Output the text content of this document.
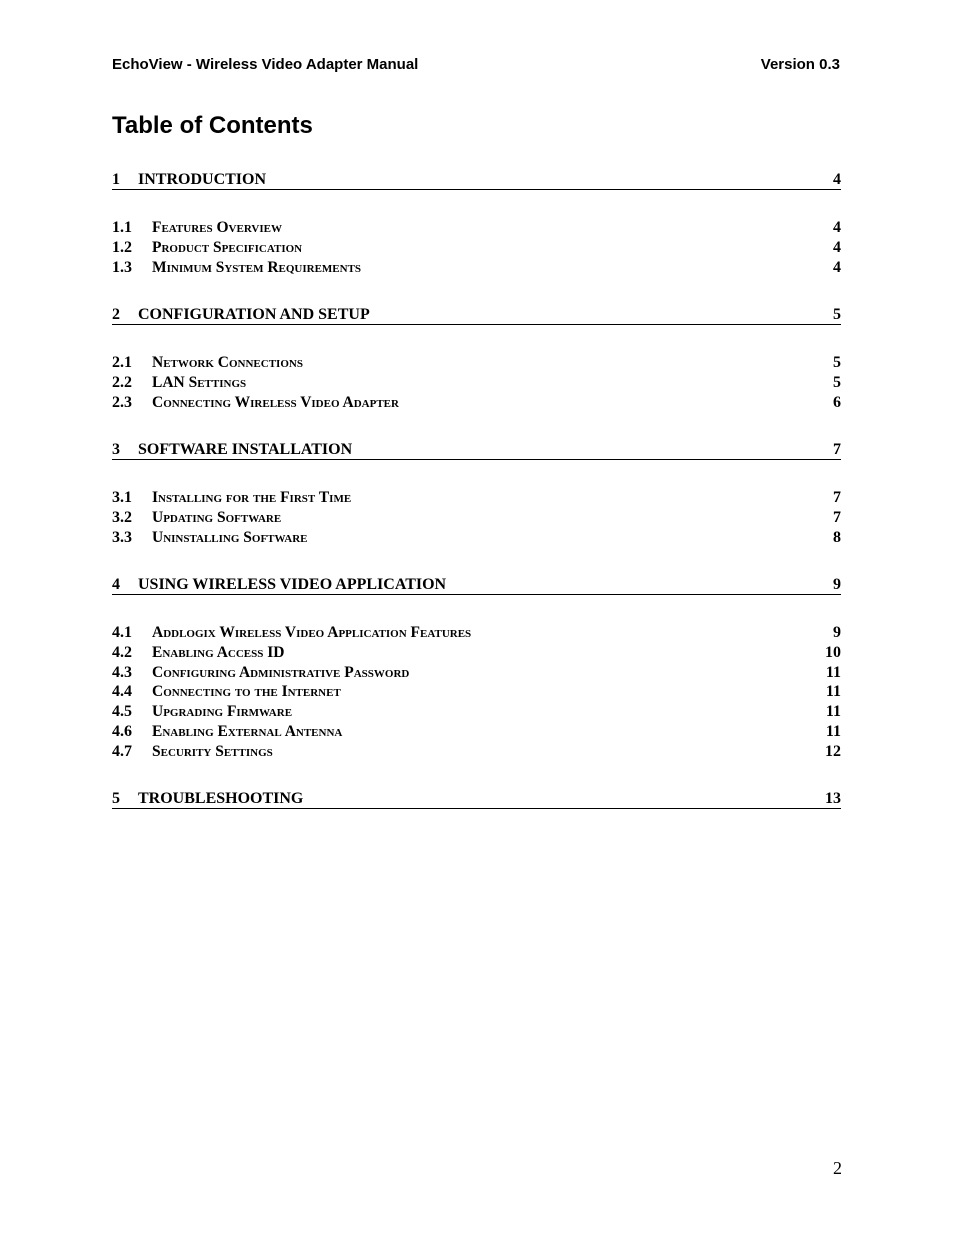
EchoView - Wireless Video Adapter Manual	Version 0.3
Table of Contents
1 INTRODUCTION	4
1.1 Features Overview	4
1.2 Product Specification	4
1.3 Minimum System Requirements	4
2 CONFIGURATION AND SETUP	5
2.1 Network Connections	5
2.2 LAN Settings	5
2.3 Connecting Wireless Video Adapter	6
3 SOFTWARE INSTALLATION	7
3.1 Installing for the First Time	7
3.2 Updating Software	7
3.3 Uninstalling Software	8
4 USING WIRELESS VIDEO APPLICATION	9
4.1 Addlogix Wireless Video Application Features	9
4.2 Enabling Access ID	10
4.3 Configuring Administrative Password	11
4.4 Connecting to the Internet	11
4.5 Upgrading Firmware	11
4.6 Enabling External Antenna	11
4.7 Security Settings	12
5 TROUBLESHOOTING	13
2
